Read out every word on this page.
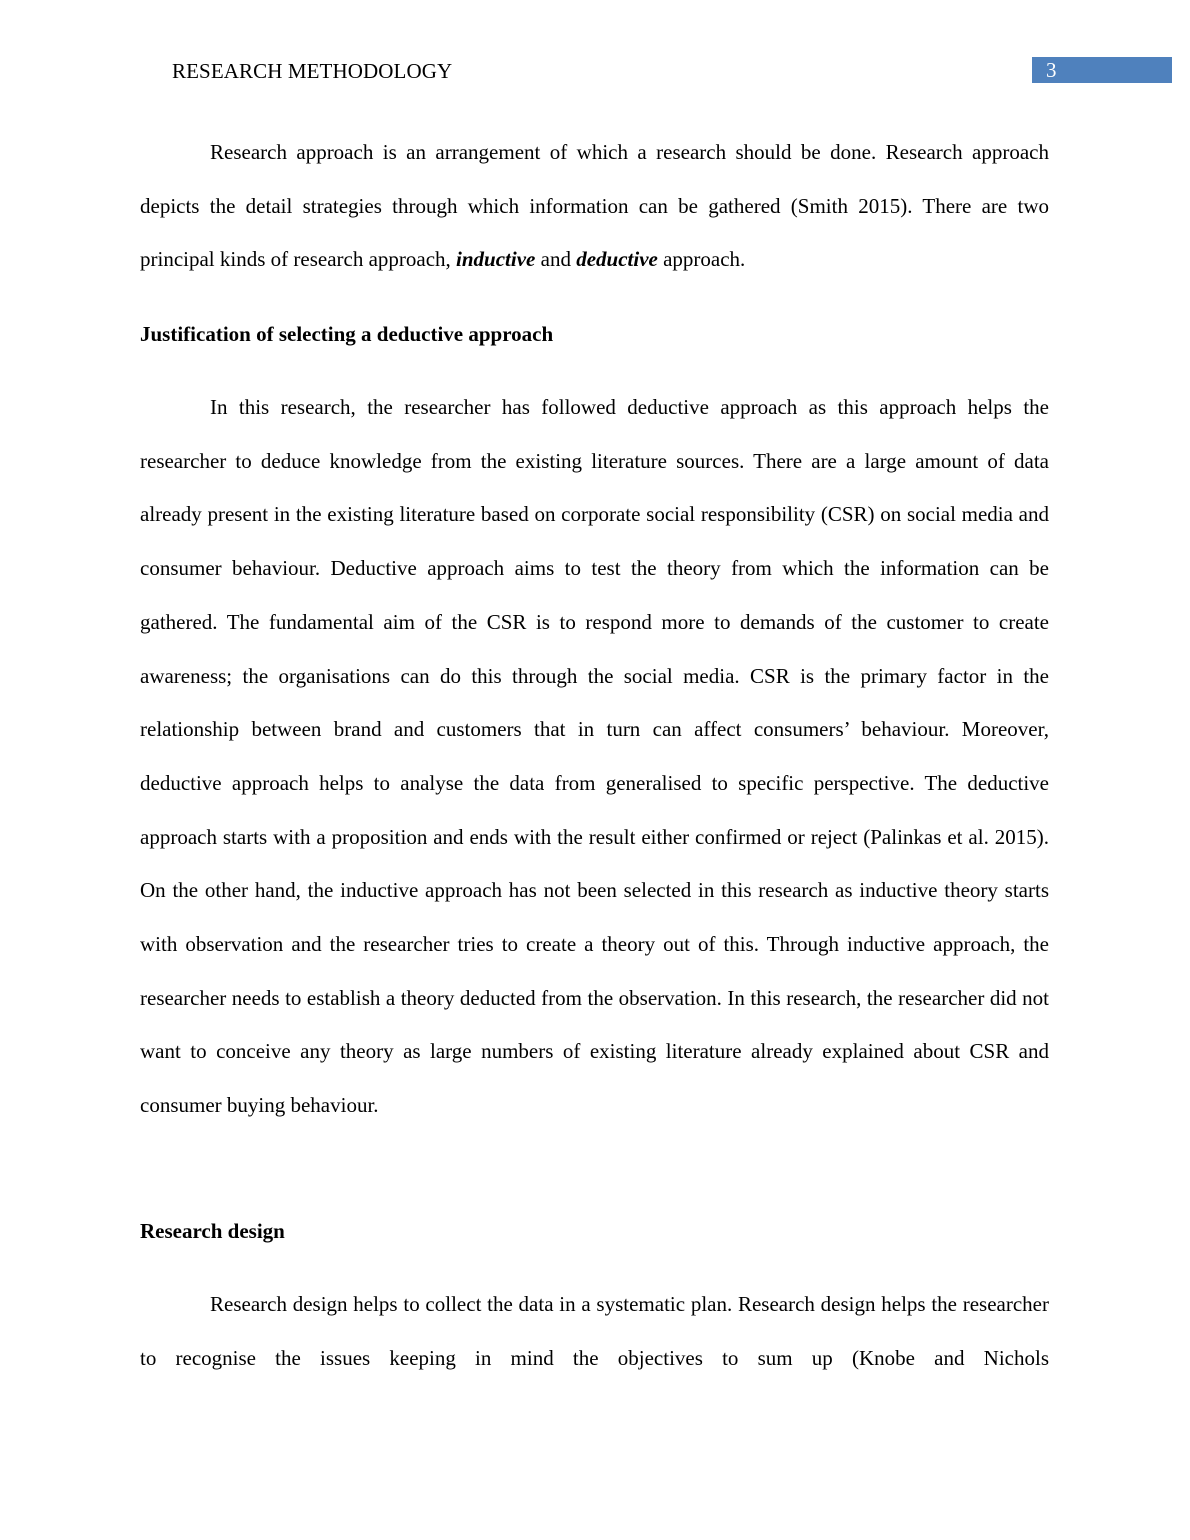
RESEARCH METHODOLOGY	3

Research approach is an arrangement of which a research should be done. Research approach depicts the detail strategies through which information can be gathered (Smith 2015). There are two principal kinds of research approach, inductive and deductive approach.

Justification of selecting a deductive approach

In this research, the researcher has followed deductive approach as this approach helps the researcher to deduce knowledge from the existing literature sources. There are a large amount of data already present in the existing literature based on corporate social responsibility (CSR) on social media and consumer behaviour. Deductive approach aims to test the theory from which the information can be gathered. The fundamental aim of the CSR is to respond more to demands of the customer to create awareness; the organisations can do this through the social media. CSR is the primary factor in the relationship between brand and customers that in turn can affect consumers’ behaviour. Moreover, deductive approach helps to analyse the data from generalised to specific perspective. The deductive approach starts with a proposition and ends with the result either confirmed or reject (Palinkas et al. 2015). On the other hand, the inductive approach has not been selected in this research as inductive theory starts with observation and the researcher tries to create a theory out of this. Through inductive approach, the researcher needs to establish a theory deducted from the observation. In this research, the researcher did not want to conceive any theory as large numbers of existing literature already explained about CSR and consumer buying behaviour.

Research design

Research design helps to collect the data in a systematic plan. Research design helps the researcher to recognise the issues keeping in mind the objectives to sum up (Knobe and Nichols
